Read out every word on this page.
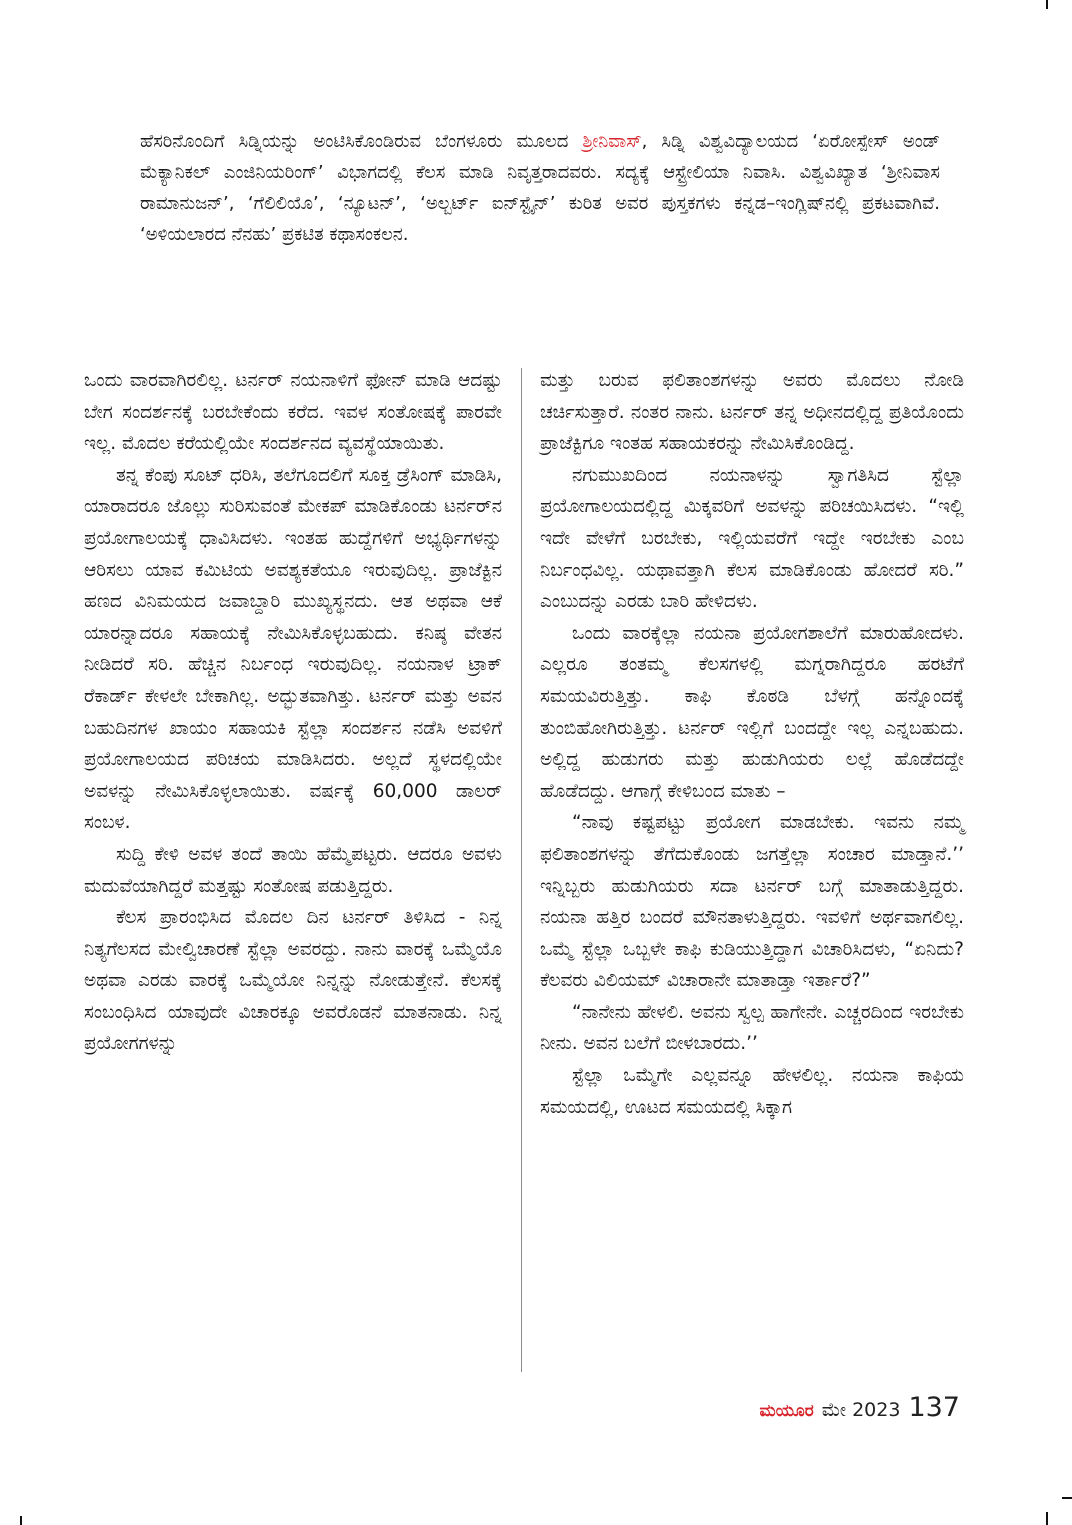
ಹೆಸರಿನೊಂದಿಗೆ ಸಿಡ್ನಿಯನ್ನು ಅಂಟಿಸಿಕೊಂಡಿರುವ ಬೆಂಗಳೂರು ಮೂಲದ ಶ್ರೀನಿವಾಸ್, ಸಿಡ್ನಿ ವಿಶ್ವವಿದ್ಯಾಲಯದ ‘ಏರೋಸ್ಪೇಸ್ ಅಂಡ್ ಮೆಕ್ಯಾನಿಕಲ್ ಎಂಜಿನಿಯರಿಂಗ್’ ವಿಭಾಗದಲ್ಲಿ ಕೆಲಸ ಮಾಡಿ ನಿವೃತ್ತರಾದವರು. ಸದ್ಯಕ್ಕೆ ಆಸ್ಟ್ರೇಲಿಯಾ ನಿವಾಸಿ. ವಿಶ್ವವಿಖ್ಯಾತ ‘ಶ್ರೀನಿವಾಸ ರಾಮಾನುಜನ್’, ‘ಗೆಲಿಲಿಯೊ’, ‘ನ್ಯೂಟನ್’, ‘ಅಲ್ಬರ್ಟ್ ಐನ್‌ಸ್ಟೈನ್’ ಕುರಿತ ಅವರ ಪುಸ್ತಕಗಳು ಕನ್ನಡ–ಇಂಗ್ಲಿಷ್‌ನಲ್ಲಿ ಪ್ರಕಟವಾಗಿವೆ. ‘ಅಳಿಯಲಾರದ ನೆನಹು’ ಪ್ರಕಟಿತ ಕಥಾಸಂಕಲನ.

ಒಂದು ವಾರವಾಗಿರಲಿಲ್ಲ. ಟರ್ನರ್ ನಯನಾಳಿಗೆ ಫೋನ್ ಮಾಡಿ ಆದಷ್ಟು ಬೇಗ ಸಂದರ್ಶನಕ್ಕೆ ಬರಬೇಕೆಂದು ಕರೆದ. ಇವಳ ಸಂತೋಷಕ್ಕೆ ಪಾರವೇ ಇಲ್ಲ. ಮೊದಲ ಕರೆಯಲ್ಲಿಯೇ ಸಂದರ್ಶನದ ವ್ಯವಸ್ಥೆಯಾಯಿತು.

ತನ್ನ ಕೆಂಪು ಸೂಟ್ ಧರಿಸಿ, ತಲೆಗೂದಲಿಗೆ ಸೂಕ್ತ ಡ್ರೆಸಿಂಗ್ ಮಾಡಿಸಿ, ಯಾರಾದರೂ ಜೊಲ್ಲು ಸುರಿಸುವಂತೆ ಮೇಕಪ್ ಮಾಡಿಕೊಂಡು ಟರ್ನರ್‌ನ ಪ್ರಯೋಗಾಲಯಕ್ಕೆ ಧಾವಿಸಿದಳು. ಇಂತಹ ಹುದ್ದೆಗಳಿಗೆ ಅಭ್ಯರ್ಥಿಗಳನ್ನು ಆರಿಸಲು ಯಾವ ಕಮಿಟಿಯ ಅವಶ್ಯಕತೆಯೂ ಇರುವುದಿಲ್ಲ. ಪ್ರಾಜೆಕ್ಟಿನ ಹಣದ ವಿನಿಮಯದ ಜವಾಬ್ದಾರಿ ಮುಖ್ಯಸ್ಥನದು. ಆತ ಅಥವಾ ಆಕೆ ಯಾರನ್ನಾದರೂ ಸಹಾಯಕ್ಕೆ ನೇಮಿಸಿಕೊಳ್ಳಬಹುದು. ಕನಿಷ್ಠ ವೇತನ ನೀಡಿದರೆ ಸರಿ. ಹೆಚ್ಚಿನ ನಿರ್ಬಂಧ ಇರುವುದಿಲ್ಲ. ನಯನಾಳ ಟ್ರಾಕ್ ರೆಕಾರ್ಡ್ ಕೇಳಲೇ ಬೇಕಾಗಿಲ್ಲ. ಅದ್ಭುತವಾಗಿತ್ತು. ಟರ್ನರ್ ಮತ್ತು ಅವನ ಬಹುದಿನಗಳ ಖಾಯಂ ಸಹಾಯಕಿ ಸ್ಟೆಲ್ಲಾ ಸಂದರ್ಶನ ನಡೆಸಿ ಅವಳಿಗೆ ಪ್ರಯೋಗಾಲಯದ ಪರಿಚಯ ಮಾಡಿಸಿದರು. ಅಲ್ಲದೆ ಸ್ಥಳದಲ್ಲಿಯೇ ಅವಳನ್ನು ನೇಮಿಸಿಕೊಳ್ಳಲಾಯಿತು. ವರ್ಷಕ್ಕೆ 60,000 ಡಾಲರ್ ಸಂಬಳ.

ಸುದ್ದಿ ಕೇಳಿ ಅವಳ ತಂದೆ ತಾಯಿ ಹೆಮ್ಮೆಪಟ್ಟರು. ಆದರೂ ಅವಳು ಮದುವೆಯಾಗಿದ್ದರೆ ಮತ್ತಷ್ಟು ಸಂತೋಷ ಪಡುತ್ತಿದ್ದರು.

ಕೆಲಸ ಪ್ರಾರಂಭಿಸಿದ ಮೊದಲ ದಿನ ಟರ್ನರ್ ತಿಳಿಸಿದ - ನಿನ್ನ ನಿತ್ಯಗೆಲಸದ ಮೇಲ್ವಿಚಾರಣೆ ಸ್ಟೆಲ್ಲಾ ಅವರದ್ದು. ನಾನು ವಾರಕ್ಕೆ ಒಮ್ಮೆಯೊ ಅಥವಾ ಎರಡು ವಾರಕ್ಕೆ ಒಮ್ಮೆಯೋ ನಿನ್ನನ್ನು ನೋಡುತ್ತೇನೆ. ಕೆಲಸಕ್ಕೆ ಸಂಬಂಧಿಸಿದ ಯಾವುದೇ ವಿಚಾರಕ್ಕೂ ಅವರೊಡನೆ ಮಾತನಾಡು. ನಿನ್ನ ಪ್ರಯೋಗಗಳನ್ನು

ಮತ್ತು ಬರುವ ಫಲಿತಾಂಶಗಳನ್ನು ಅವರು ಮೊದಲು ನೋಡಿ ಚರ್ಚಿಸುತ್ತಾರೆ. ನಂತರ ನಾನು. ಟರ್ನರ್ ತನ್ನ ಅಧೀನದಲ್ಲಿದ್ದ ಪ್ರತಿಯೊಂದು ಪ್ರಾಜೆಕ್ಟಿಗೂ ಇಂತಹ ಸಹಾಯಕರನ್ನು ನೇಮಿಸಿಕೊಂಡಿದ್ದ.

ನಗುಮುಖದಿಂದ ನಯನಾಳನ್ನು ಸ್ವಾಗತಿಸಿದ ಸ್ಟೆಲ್ಲಾ ಪ್ರಯೋಗಾಲಯದಲ್ಲಿದ್ದ ಮಿಕ್ಕವರಿಗೆ ಅವಳನ್ನು ಪರಿಚಯಿಸಿದಳು. “ಇಲ್ಲಿ ಇದೇ ವೇಳೆಗೆ ಬರಬೇಕು, ಇಲ್ಲಿಯವರೆಗೆ ಇದ್ದೇ ಇರಬೇಕು ಎಂಬ ನಿರ್ಬಂಧವಿಲ್ಲ. ಯಥಾವತ್ತಾಗಿ ಕೆಲಸ ಮಾಡಿಕೊಂಡು ಹೋದರೆ ಸರಿ.” ಎಂಬುದನ್ನು ಎರಡು ಬಾರಿ ಹೇಳಿದಳು.

ಒಂದು ವಾರಕ್ಕೆಲ್ಲಾ ನಯನಾ ಪ್ರಯೋಗಶಾಲೆಗೆ ಮಾರುಹೋದಳು. ಎಲ್ಲರೂ ತಂತಮ್ಮ ಕೆಲಸಗಳಲ್ಲಿ ಮಗ್ನರಾಗಿದ್ದರೂ ಹರಟೆಗೆ ಸಮಯವಿರುತ್ತಿತ್ತು. ಕಾಫಿ ಕೊಠಡಿ ಬೆಳಗ್ಗೆ ಹನ್ನೊಂದಕ್ಕೆ ತುಂಬಿಹೋಗಿರುತ್ತಿತ್ತು. ಟರ್ನರ್ ಇಲ್ಲಿಗೆ ಬಂದದ್ದೇ ಇಲ್ಲ ಎನ್ನಬಹುದು. ಅಲ್ಲಿದ್ದ ಹುಡುಗರು ಮತ್ತು ಹುಡುಗಿಯರು ಲಲ್ಲೆ ಹೊಡೆದದ್ದೇ ಹೊಡೆದದ್ದು. ಆಗಾಗ್ಗೆ ಕೇಳಿಬಂದ ಮಾತು –

“ನಾವು ಕಷ್ಟಪಟ್ಟು ಪ್ರಯೋಗ ಮಾಡಬೇಕು. ಇವನು ನಮ್ಮ ಫಲಿತಾಂಶಗಳನ್ನು ತೆಗೆದುಕೊಂಡು ಜಗತ್ತೆಲ್ಲಾ ಸಂಚಾರ ಮಾಡ್ತಾನೆ.’’ ಇನ್ನಿಬ್ಬರು ಹುಡುಗಿಯರು ಸದಾ ಟರ್ನರ್ ಬಗ್ಗೆ ಮಾತಾಡುತ್ತಿದ್ದರು. ನಯನಾ ಹತ್ತಿರ ಬಂದರೆ ಮೌನತಾಳುತ್ತಿದ್ದರು. ಇವಳಿಗೆ ಅರ್ಥವಾಗಲಿಲ್ಲ. ಒಮ್ಮೆ ಸ್ಟೆಲ್ಲಾ ಒಬ್ಬಳೇ ಕಾಫಿ ಕುಡಿಯುತ್ತಿದ್ದಾಗ ವಿಚಾರಿಸಿದಳು, “ಏನಿದು? ಕೆಲವರು ವಿಲಿಯಮ್ ವಿಚಾರಾನೇ ಮಾತಾಡ್ತಾ ಇರ್ತಾರೆ?”

“ನಾನೇನು ಹೇಳಲಿ. ಅವನು ಸ್ವಲ್ಪ ಹಾಗೇನೇ. ಎಚ್ಚರದಿಂದ ಇರಬೇಕು ನೀನು. ಅವನ ಬಲೆಗೆ ಬೀಳಬಾರದು.’’

ಸ್ಟೆಲ್ಲಾ ಒಮ್ಮೆಗೇ ಎಲ್ಲವನ್ನೂ ಹೇಳಲಿಲ್ಲ. ನಯನಾ ಕಾಫಿಯ ಸಮಯದಲ್ಲಿ, ಊಟದ ಸಮಯದಲ್ಲಿ ಸಿಕ್ಕಾಗ

ಮಯೂರ ಮೇ 2023 137
